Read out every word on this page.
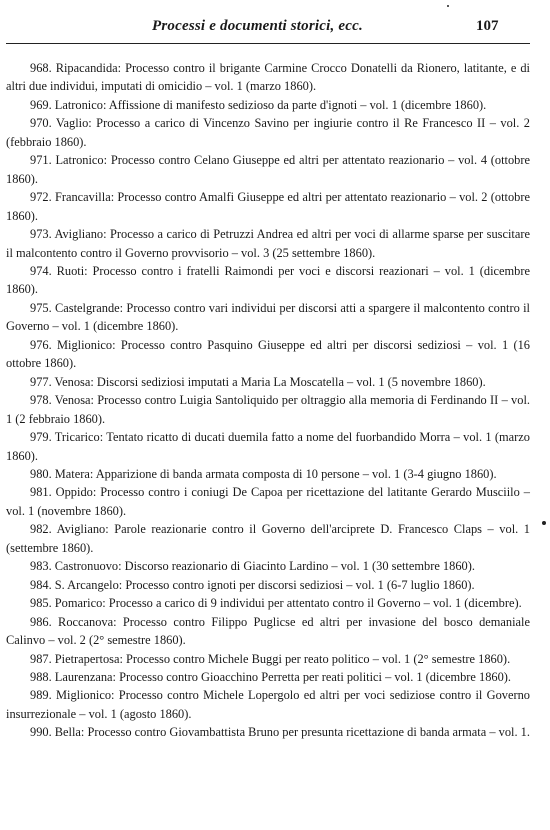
Processi e documenti storici, ecc.	107

968. Ripacandida: Processo contro il brigante Carmine Crocco Donatelli da Rionero, latitante, e di altri due individui, imputati di omicidio – vol. 1 (marzo 1860).

969. Latronico: Affissione di manifesto sedizioso da parte d'ignoti – vol. 1 (dicembre 1860).

970. Vaglio: Processo a carico di Vincenzo Savino per ingiurie contro il Re Francesco II – vol. 2 (febbraio 1860).

971. Latronico: Processo contro Celano Giuseppe ed altri per attentato reazionario – vol. 4 (ottobre 1860).

972. Francavilla: Processo contro Amalfi Giuseppe ed altri per attentato reazionario – vol. 2 (ottobre 1860).

973. Avigliano: Processo a carico di Petruzzi Andrea ed altri per voci di allarme sparse per suscitare il malcontento contro il Governo provvisorio – vol. 3 (25 settembre 1860).

974. Ruoti: Processo contro i fratelli Raimondi per voci e discorsi reazionari – vol. 1 (dicembre 1860).

975. Castelgrande: Processo contro vari individui per discorsi atti a spargere il malcontento contro il Governo – vol. 1 (dicembre 1860).

976. Miglionico: Processo contro Pasquino Giuseppe ed altri per discorsi sediziosi – vol. 1 (16 ottobre 1860).

977. Venosa: Discorsi sediziosi imputati a Maria La Moscatella – vol. 1 (5 novembre 1860).

978. Venosa: Processo contro Luigia Santoliquido per oltraggio alla memoria di Ferdinando II – vol. 1 (2 febbraio 1860).

979. Tricarico: Tentato ricatto di ducati duemila fatto a nome del fuorbandido Morra – vol. 1 (marzo 1860).

980. Matera: Apparizione di banda armata composta di 10 persone – vol. 1 (3-4 giugno 1860).

981. Oppido: Processo contro i coniugi De Capoa per ricettazione del latitante Gerardo Musciilo – vol. 1 (novembre 1860).

982. Avigliano: Parole reazionarie contro il Governo dell'arciprete D. Francesco Claps – vol. 1 (settembre 1860).

983. Castronuovo: Discorso reazionario di Giacinto Lardino – vol. 1 (30 settembre 1860).

984. S. Arcangelo: Processo contro ignoti per discorsi sediziosi – vol. 1 (6-7 luglio 1860).

985. Pomarico: Processo a carico di 9 individui per attentato contro il Governo – vol. 1 (dicembre).

986. Roccanova: Processo contro Filippo Puglicse ed altri per invasione del bosco demaniale Calinvo – vol. 2 (2° semestre 1860).

987. Pietrapertosa: Processo contro Michele Buggi per reato politico – vol. 1 (2° semestre 1860).

988. Laurenzana: Processo contro Gioacchino Perretta per reati politici – vol. 1 (dicembre 1860).

989. Miglionico: Processo contro Michele Lopergolo ed altri per voci sediziose contro il Governo insurrezionale – vol. 1 (agosto 1860).

990. Bella: Processo contro Giovambattista Bruno per presunta ricettazione di banda armata – vol. 1.
